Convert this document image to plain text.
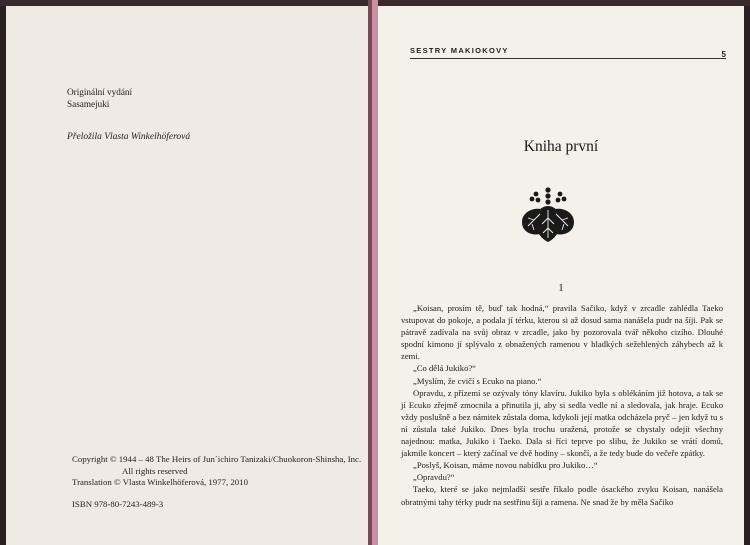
Originální vydání
Sasamejuki
Přeložila Vlasta Winkelhöferová
Copyright © 1944 – 48 The Heirs of Jun´ichiro Tanizaki/Chuokoron-Shinsha, Inc.
All rights reserved
Translation © Vlasta Winkelhöferová, 1977, 2010
ISBN 978-80-7243-489-3
SESTRY MAKIOKOVY	5
Kniha první
1

„Koisan, prosím tě, buď tak hodná,“ pravila Sačiko, když v zrcadle zahlédla Taeko vstupovat do pokoje, a podala jí térku, kterou si až dosud sama nanášela pudr na šíji. Pak se pátravě zadívala na svůj obraz v zrcadle, jako by pozorovala tvář někoho cizího. Dlouhé spodní kimono jí splývalo z obnažených ramenou v hladkých sežehlených záhybech až k zemi.

„Co dělá Jukiko?“

„Myslím, že cvičí s Ecuko na piano.“

Opravdu, z přízemí se ozývaly tóny klavíru. Jukiko byla s oblékáním již hotova, a tak se jí Ecuko zřejmě zmocnila a přinutila ji, aby si sedla vedle ní a sledovala, jak hraje. Ecuko vždy poslušně a bez námitek zůstala doma, kdykoli její matka odcházela pryč – jen když tu s ní zůstala také Jukiko. Dnes byla trochu uražená, protože se chystaly odejít všechny najednou: matka, Jukiko i Taeko. Dala si říci teprve po slibu, že Jukiko se vrátí domů, jakmile koncert – který začínal ve dvě hodiny – skončí, a že tedy bude do večeře zpátky.

„Poslyš, Koisan, máme novou nabídku pro Jukiko…“

„Opravdu?“

Taeko, které se jako nejmladší sestře říkalo podle ósackého zvyku Koisan, nanášela obratnými tahy térky pudr na sestřinu šíji a ramena. Ne snad že by měla Sačiko
